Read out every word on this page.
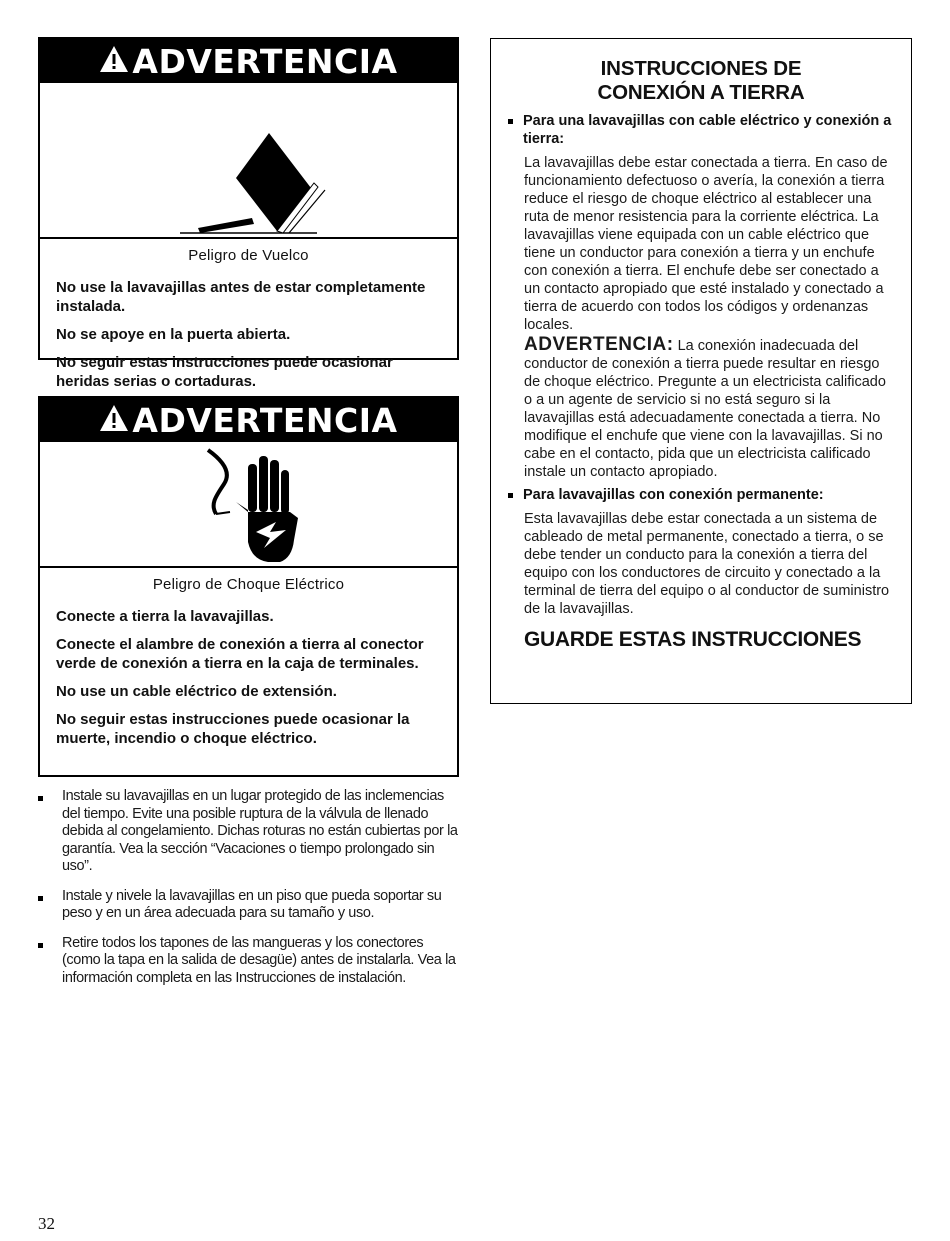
ADVERTENCIA
Peligro de Vuelco

No use la lavavajillas antes de estar completamente instalada.

No se apoye en la puerta abierta.

No seguir estas instrucciones puede ocasionar heridas serias o cortaduras.

ADVERTENCIA
Peligro de Choque Eléctrico

Conecte a tierra la lavavajillas.

Conecte el alambre de conexión a tierra al conector verde de conexión a tierra en la caja de terminales.

No use un cable eléctrico de extensión.

No seguir estas instrucciones puede ocasionar la muerte, incendio o choque eléctrico.

INSTRUCCIONES DE
CONEXIÓN A TIERRA
Para una lavavajillas con cable eléctrico y conexión a tierra:
La lavavajillas debe estar conectada a tierra. En caso de funcionamiento defectuoso o avería, la conexión a tierra reduce el riesgo de choque eléctrico al establecer una ruta de menor resistencia para la corriente eléctrica. La lavavajillas viene equipada con un cable eléctrico que tiene un conductor para conexión a tierra y un enchufe con conexión a tierra. El enchufe debe ser conectado a un contacto apropiado que esté instalado y conectado a tierra de acuerdo con todos los códigos y ordenanzas locales.
ADVERTENCIA: La conexión inadecuada del conductor de conexión a tierra puede resultar en riesgo de choque eléctrico. Pregunte a un electricista calificado o a un agente de servicio si no está seguro si la lavavajillas está adecuadamente conectada a tierra. No modifique el enchufe que viene con la lavavajillas. Si no cabe en el contacto, pida que un electricista calificado instale un contacto apropiado.
Para lavavajillas con conexión permanente:
Esta lavavajillas debe estar conectada a un sistema de cableado de metal permanente, conectado a tierra, o se debe tender un conducto para la conexión a tierra del equipo con los conductores de circuito y conectado a la terminal de tierra del equipo o al conductor de suministro de la lavavajillas.
GUARDE ESTAS INSTRUCCIONES
Instale su lavavajillas en un lugar protegido de las inclemencias del tiempo. Evite una posible ruptura de la válvula de llenado debida al congelamiento. Dichas roturas no están cubiertas por la garantía. Vea la sección “Vacaciones o tiempo prolongado sin uso”.
Instale y nivele la lavavajillas en un piso que pueda soportar su peso y en un área adecuada para su tamaño y uso.
Retire todos los tapones de las mangueras y los conectores (como la tapa en la salida de desagüe) antes de instalarla. Vea la información completa en las Instrucciones de instalación.
32
